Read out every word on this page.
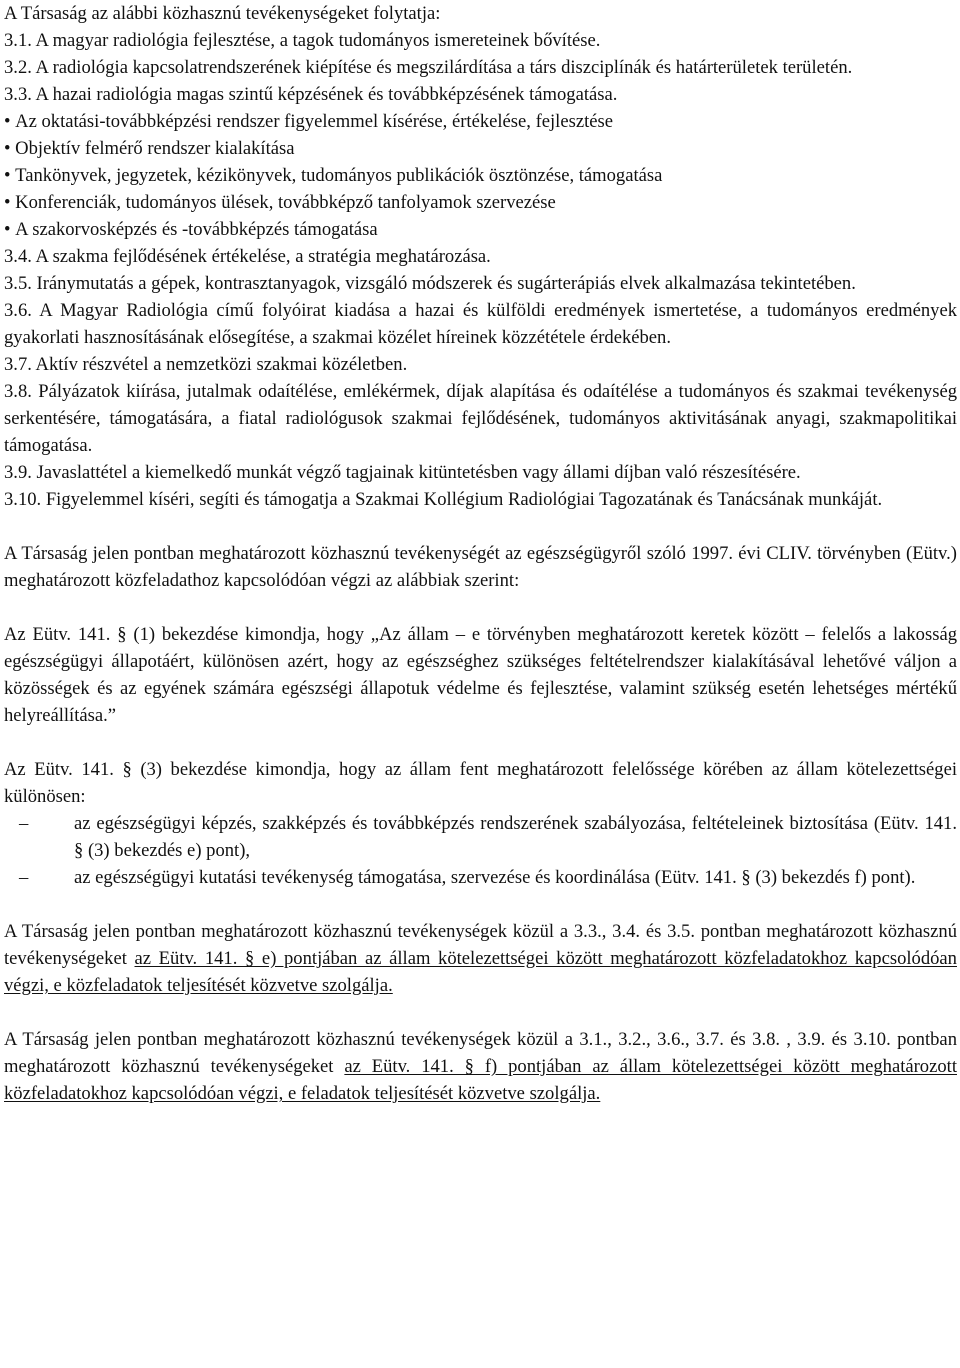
A Társaság az alábbi közhasznú tevékenységeket folytatja:

3.1. A magyar radiológia fejlesztése, a tagok tudományos ismereteinek bővítése.

3.2. A radiológia kapcsolatrendszerének kiépítése és megszilárdítása a társ diszciplínák és határterületek területén.

3.3. A hazai radiológia magas szintű képzésének és továbbképzésének támogatása.

• Az oktatási-továbbképzési rendszer figyelemmel kísérése, értékelése, fejlesztése

• Objektív felmérő rendszer kialakítása

• Tankönyvek, jegyzetek, kézikönyvek, tudományos publikációk ösztönzése, támogatása

• Konferenciák, tudományos ülések, továbbképző tanfolyamok szervezése

• A szakorvosképzés és -továbbképzés támogatása

3.4. A szakma fejlődésének értékelése, a stratégia meghatározása.

3.5. Iránymutatás a gépek, kontrasztanyagok, vizsgáló módszerek és sugárterápiás elvek alkalmazása tekintetében.

3.6. A Magyar Radiológia című folyóirat kiadása a hazai és külföldi eredmények ismertetése, a tudományos eredmények gyakorlati hasznosításának elősegítése, a szakmai közélet híreinek közzététele érdekében.

3.7. Aktív részvétel a nemzetközi szakmai közéletben.

3.8. Pályázatok kiírása, jutalmak odaítélése, emlékérmek, díjak alapítása és odaítélése a tudományos és szakmai tevékenység serkentésére, támogatására, a fiatal radiológusok szakmai fejlődésének, tudományos aktivitásának anyagi, szakmapolitikai támogatása.

3.9. Javaslattétel a kiemelkedő munkát végző tagjainak kitüntetésben vagy állami díjban való részesítésére.

3.10. Figyelemmel kíséri, segíti és támogatja a Szakmai Kollégium Radiológiai Tagozatának és Tanácsának munkáját.

A Társaság jelen pontban meghatározott közhasznú tevékenységét az egészségügyről szóló 1997. évi CLIV. törvényben (Eütv.) meghatározott közfeladathoz kapcsolódóan végzi az alábbiak szerint:

Az Eütv. 141. § (1) bekezdése kimondja, hogy „Az állam – e törvényben meghatározott keretek között – felelős a lakosság egészségügyi állapotáért, különösen azért, hogy az egészséghez szükséges feltételrendszer kialakításával lehetővé váljon a közösségek és az egyének számára egészségi állapotuk védelme és fejlesztése, valamint szükség esetén lehetséges mértékű helyreállítása.”

Az Eütv. 141. § (3) bekezdése kimondja, hogy az állam fent meghatározott felelőssége körében az állam kötelezettségei különösen:

–	az egészségügyi képzés, szakképzés és továbbképzés rendszerének szabályozása, feltételeinek biztosítása (Eütv. 141. § (3) bekezdés e) pont),
–	az egészségügyi kutatási tevékenység támogatása, szervezése és koordinálása (Eütv. 141. § (3) bekezdés f) pont).

A Társaság jelen pontban meghatározott közhasznú tevékenységek közül a 3.3., 3.4. és 3.5. pontban meghatározott közhasznú tevékenységeket az Eütv. 141. § e) pontjában az állam kötelezettségei között meghatározott közfeladatokhoz kapcsolódóan végzi, e közfeladatok teljesítését közvetve szolgálja.

A Társaság jelen pontban meghatározott közhasznú tevékenységek közül a 3.1., 3.2., 3.6., 3.7. és 3.8. , 3.9. és 3.10. pontban meghatározott közhasznú tevékenységeket az Eütv. 141. § f) pontjában az állam kötelezettségei között meghatározott közfeladatokhoz kapcsolódóan végzi, e feladatok teljesítését közvetve szolgálja.
